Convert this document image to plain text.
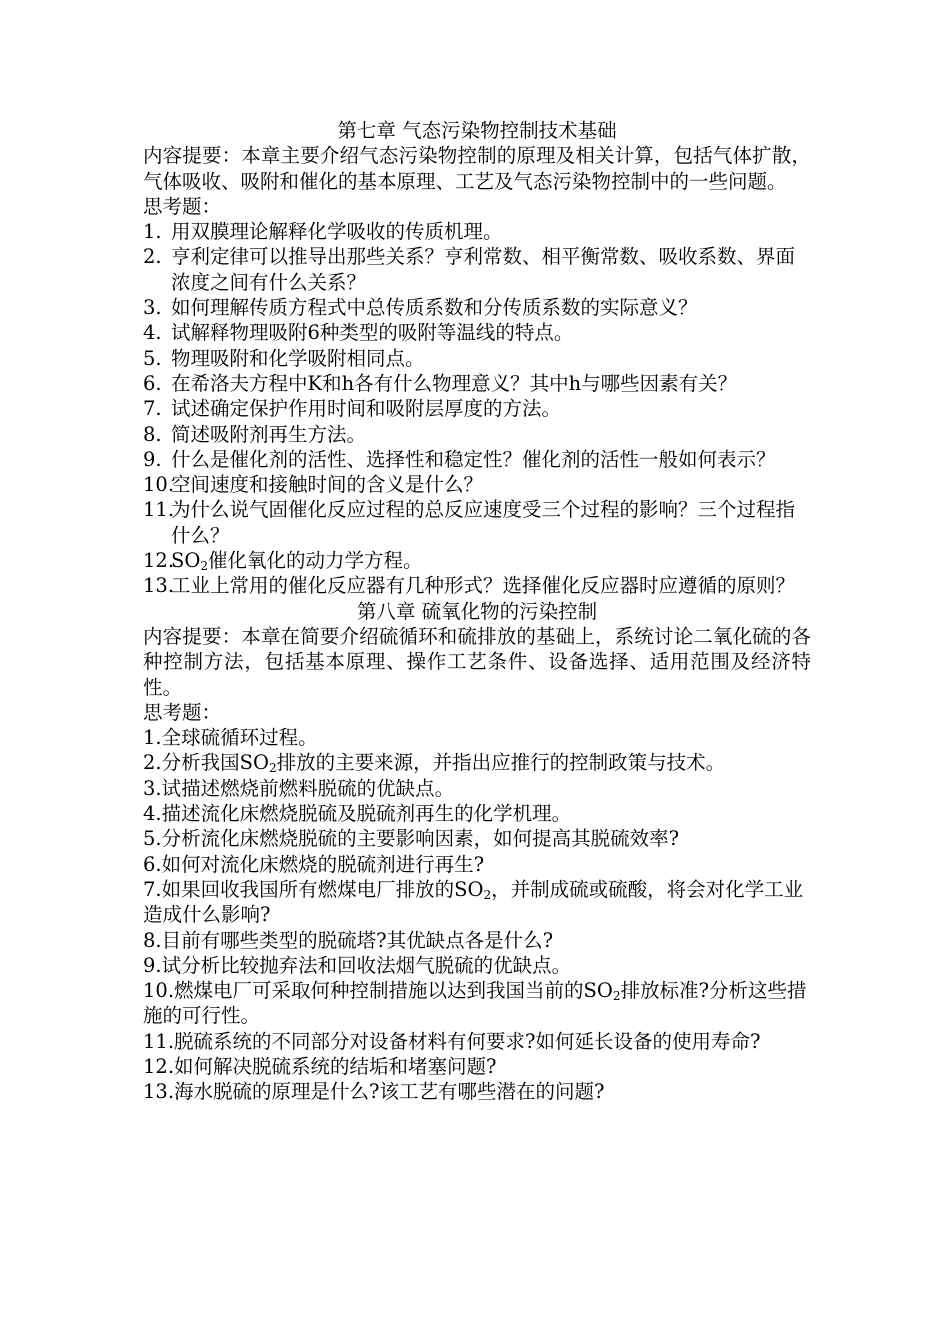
第七章 气态污染物控制技术基础

内容提要：本章主要介绍气态污染物控制的原理及相关计算，包括气体扩散，气体吸收、吸附和催化的基本原理、工艺及气态污染物控制中的一些问题。

思考题：

1. 用双膜理论解释化学吸收的传质机理。
2. 亨利定律可以推导出那些关系？亨利常数、相平衡常数、吸收系数、界面浓度之间有什么关系？
3. 如何理解传质方程式中总传质系数和分传质系数的实际意义？
4. 试解释物理吸附6种类型的吸附等温线的特点。
5. 物理吸附和化学吸附相同点。
6. 在希洛夫方程中K和h各有什么物理意义？其中h与哪些因素有关？
7. 试述确定保护作用时间和吸附层厚度的方法。
8. 简述吸附剂再生方法。
9. 什么是催化剂的活性、选择性和稳定性？催化剂的活性一般如何表示？
10.空间速度和接触时间的含义是什么？
11.为什么说气固催化反应过程的总反应速度受三个过程的影响？三个过程指什么？
$12.SO_2$催化氧化的动力学方程。
13.工业上常用的催化反应器有几种形式？选择催化反应器时应遵循的原则？
第八章 硫氧化物的污染控制

内容提要：本章在简要介绍硫循环和硫排放的基础上，系统讨论二氧化硫的各种控制方法，包括基本原理、操作工艺条件、设备选择、适用范围及经济特性。

思考题：

1.全球硫循环过程。
2.分析我国$SO_2$排放的主要来源，并指出应推行的控制政策与技术。
3.试描述燃烧前燃料脱硫的优缺点。
4.描述流化床燃烧脱硫及脱硫剂再生的化学机理。
5.分析流化床燃烧脱硫的主要影响因素，如何提高其脱硫效率?
6.如何对流化床燃烧的脱硫剂进行再生?
7.如果回收我国所有燃煤电厂排放的$SO_2$，并制成硫或硫酸，将会对化学工业造成什么影响?
8.目前有哪些类型的脱硫塔?其优缺点各是什么?
9.试分析比较抛弃法和回收法烟气脱硫的优缺点。
10.燃煤电厂可采取何种控制措施以达到我国当前的$SO_2$排放标准?分析这些措施的可行性。
11.脱硫系统的不同部分对设备材料有何要求?如何延长设备的使用寿命?
12.如何解决脱硫系统的结垢和堵塞问题?
13.海水脱硫的原理是什么?该工艺有哪些潜在的问题?
